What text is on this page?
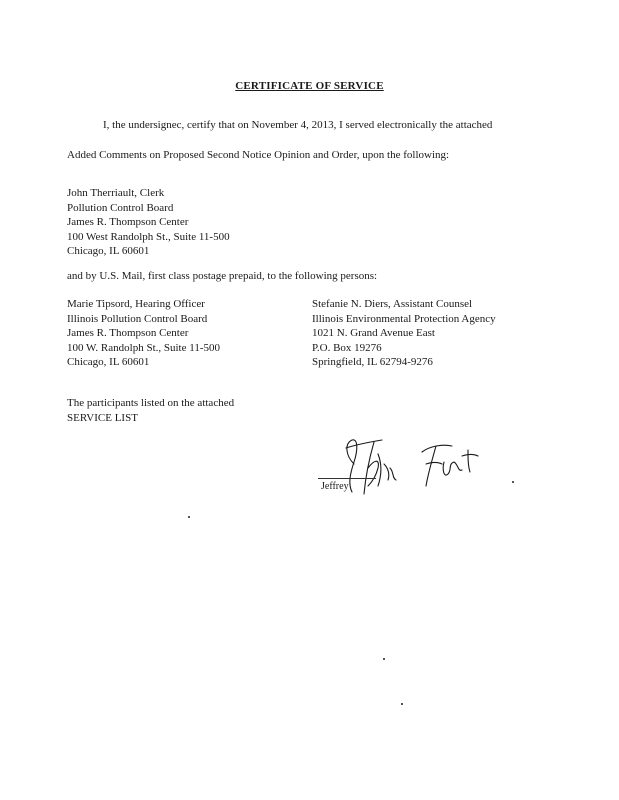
CERTIFICATE OF SERVICE
I, the undersignec, certify that on November 4, 2013, I served electronically the attached
Added Comments on Proposed Second Notice Opinion and Order, upon the following:
John Therriault, Clerk
Pollution Control Board
James R. Thompson Center
100 West Randolph St., Suite 11-500
Chicago, IL 60601
and by U.S. Mail, first class postage prepaid, to the following persons:
Marie Tipsord, Hearing Officer
Illinois Pollution Control Board
James R. Thompson Center
100 W. Randolph St., Suite 11-500
Chicago, IL 60601
Stefanie N. Diers, Assistant Counsel
Illinois Environmental Protection Agency
1021 N. Grand Avenue East
P.O. Box 19276
Springfield, IL 62794-9276
The participants listed on the attached
SERVICE LIST
Jeffrey
